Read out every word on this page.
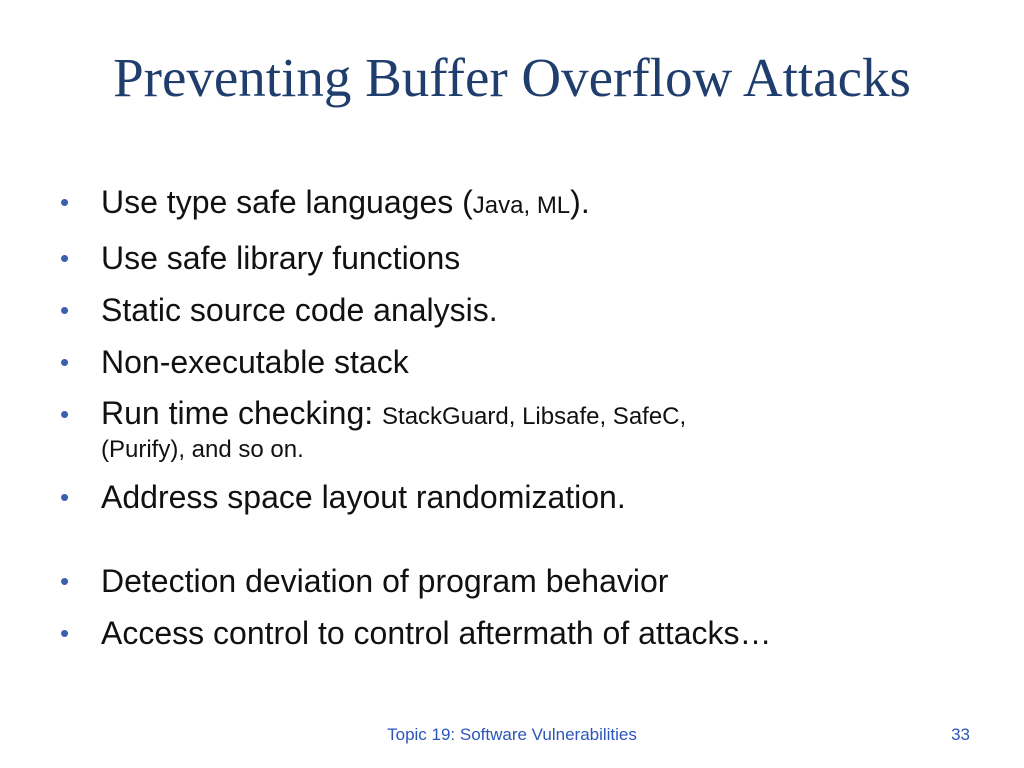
Preventing Buffer Overflow Attacks
• Use type safe languages (Java, ML).
• Use safe library functions
• Static source code analysis.
• Non-executable stack
• Run time checking: StackGuard, Libsafe, SafeC,
(Purify), and so on.
• Address space layout randomization.
• Detection deviation of program behavior
• Access control to control aftermath of attacks…
Topic 19: Software Vulnerabilities	33
